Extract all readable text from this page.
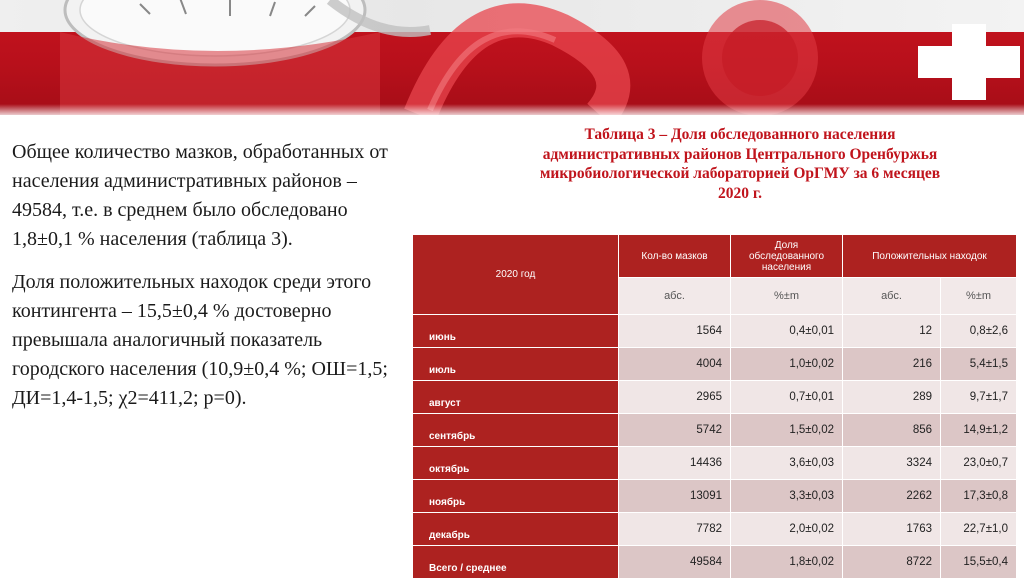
Общее количество мазков, обработанных от населения административных районов – 49584, т.е. в среднем было обследовано 1,8±0,1 % населения (таблица 3).

Доля положительных находок среди этого контингента – 15,5±0,4 % достоверно превышала аналогичный показатель городского населения (10,9±0,4 %; ОШ=1,5; ДИ=1,4-1,5; χ2=411,2; р=0).

Таблица 3 – Доля обследованного населения
административных районов Центрального Оренбуржья
микробиологической лабораторией ОрГМУ за 6 месяцев
2020 г.
2020 год	Кол-во мазков	Доля обследованного населения	Положительных находок	
	абс.	%±m	абс.	%±m
июнь	1564	0,4±0,01	12	0,8±2,6
июль	4004	1,0±0,02	216	5,4±1,5
август	2965	0,7±0,01	289	9,7±1,7
сентябрь	5742	1,5±0,02	856	14,9±1,2
октябрь	14436	3,6±0,03	3324	23,0±0,7
ноябрь	13091	3,3±0,03	2262	17,3±0,8
декабрь	7782	2,0±0,02	1763	22,7±1,0
Всего / среднее	49584	1,8±0,02	8722	15,5±0,4
